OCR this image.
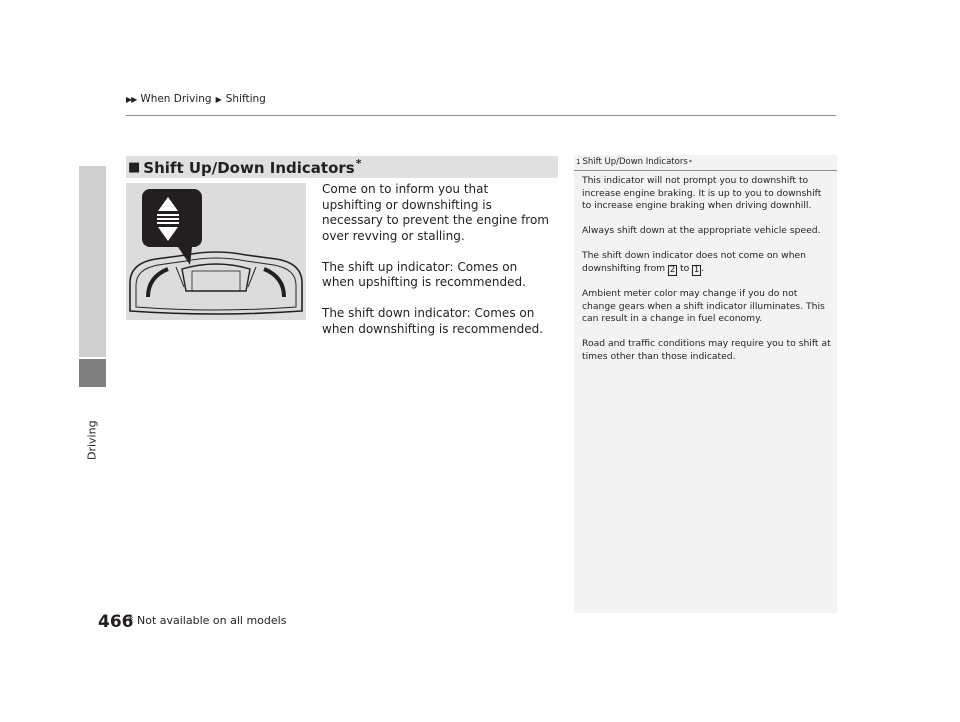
▶▶ When Driving ▶ Shifting
Driving
■ Shift Up/Down Indicators*

Come on to inform you that upshifting or downshifting is necessary to prevent the engine from over revving or stalling.

The shift up indicator: Comes on when upshifting is recommended.

The shift down indicator: Comes on when downshifting is recommended.

1 Shift Up/Down Indicators *

This indicator will not prompt you to downshift to increase engine braking. It is up to you to downshift to increase engine braking when driving downhill.

Always shift down at the appropriate vehicle speed.

The shift down indicator does not come on when downshifting from 2 to 1 .

Ambient meter color may change if you do not change gears when a shift indicator illuminates. This can result in a change in fuel economy.

Road and traffic conditions may require you to shift at times other than those indicated.

466
* Not available on all models
